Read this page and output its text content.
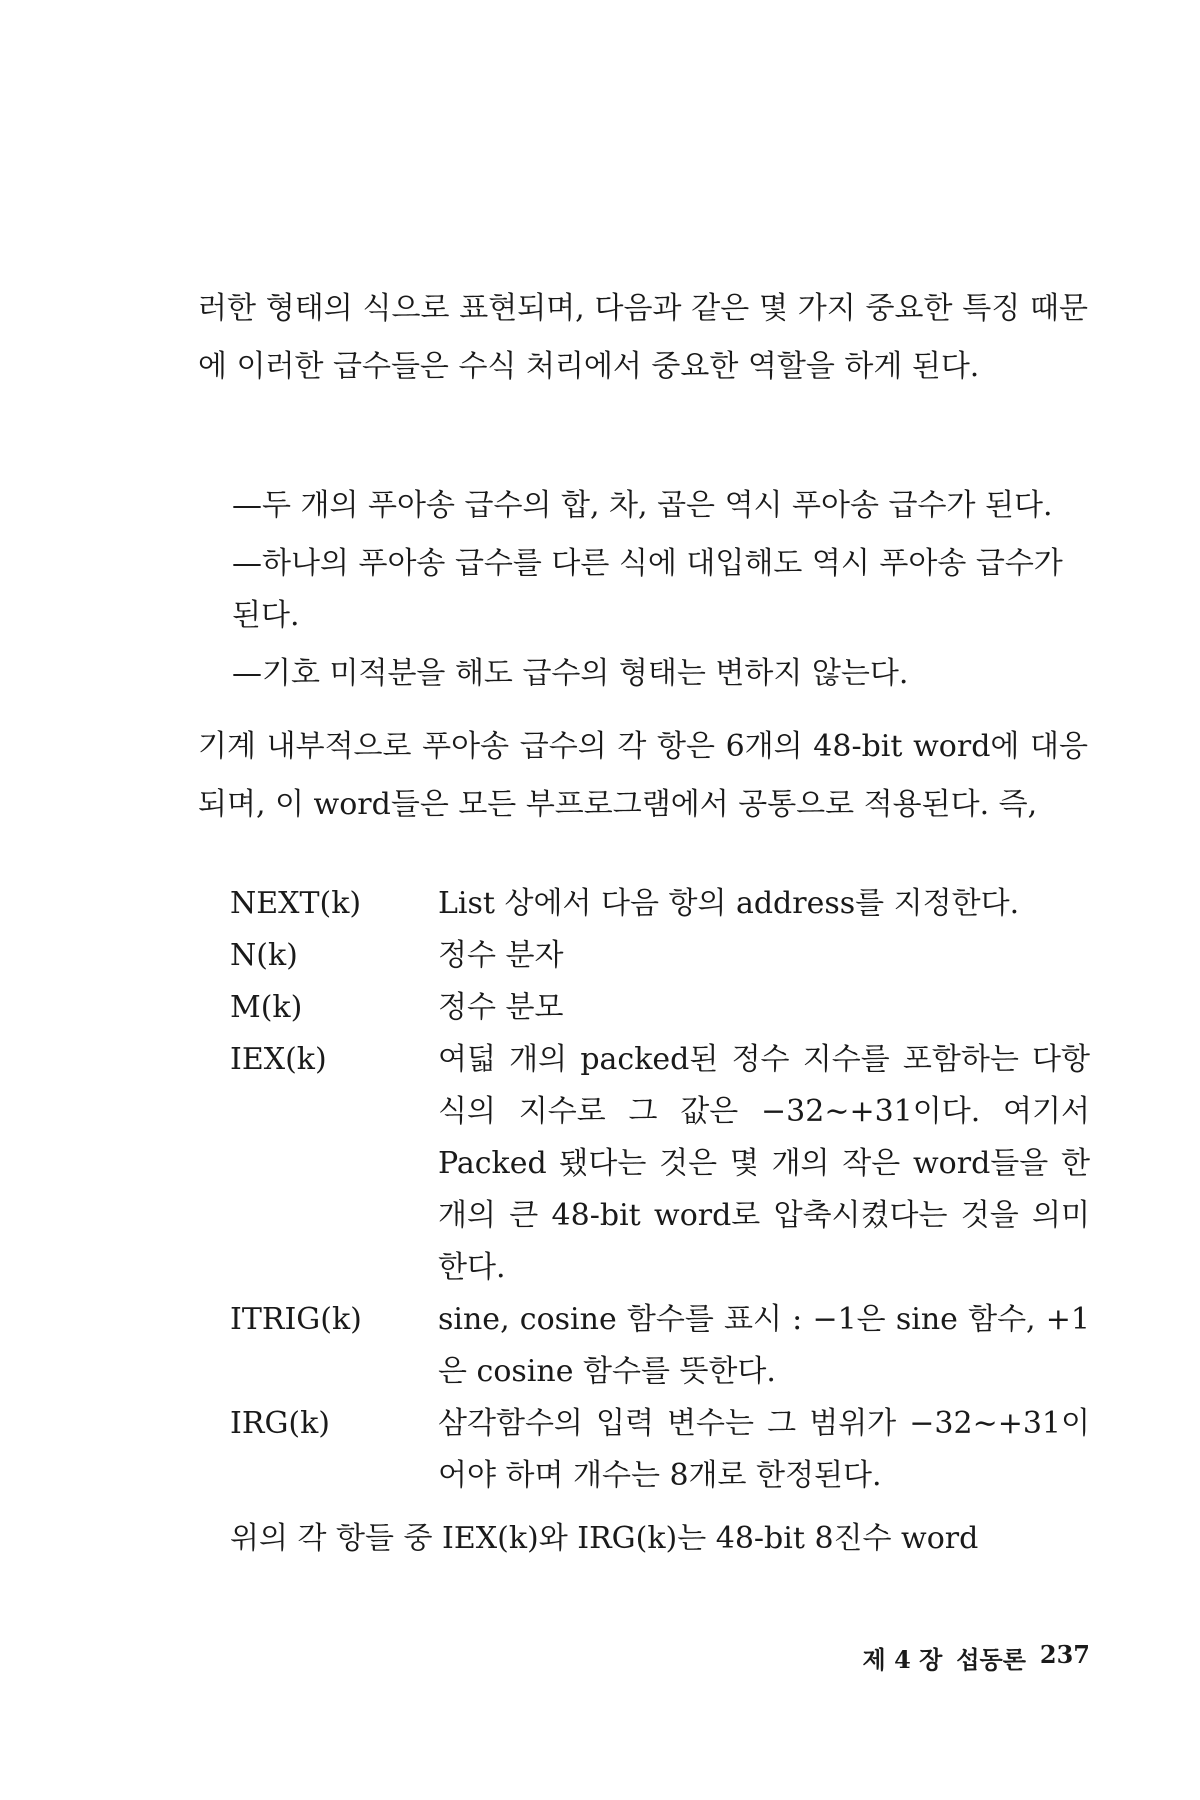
러한 형태의 식으로 표현되며, 다음과 같은 몇 가지 중요한 특징 때문에 이러한 급수들은 수식 처리에서 중요한 역할을 하게 된다.

—두 개의 푸아송 급수의 합, 차, 곱은 역시 푸아송 급수가 된다.

—하나의 푸아송 급수를 다른 식에 대입해도 역시 푸아송 급수가 된다.

—기호 미적분을 해도 급수의 형태는 변하지 않는다.

기계 내부적으로 푸아송 급수의 각 항은 6개의 48-bit word에 대응되며, 이 word들은 모든 부프로그램에서 공통으로 적용된다. 즉,

NEXT(k)	List 상에서 다음 항의 address를 지정한다.
N(k)	정수 분자
M(k)	정수 분모
IEX(k)	여덟 개의 packed된 정수 지수를 포함하는 다항식의 지수로 그 값은 −32∼+31이다. 여기서 Packed 됐다는 것은 몇 개의 작은 word들을 한 개의 큰 48-bit word로 압축시켰다는 것을 의미한다.
ITRIG(k)	sine, cosine 함수를 표시 : −1은 sine 함수, +1은 cosine 함수를 뜻한다.
IRG(k)	삼각함수의 입력 변수는 그 범위가 −32∼+31이어야 하며 개수는 8개로 한정된다.

위의 각 항들 중 IEX(k)와 IRG(k)는 48-bit 8진수 word

제 4 장 섭동론 237
